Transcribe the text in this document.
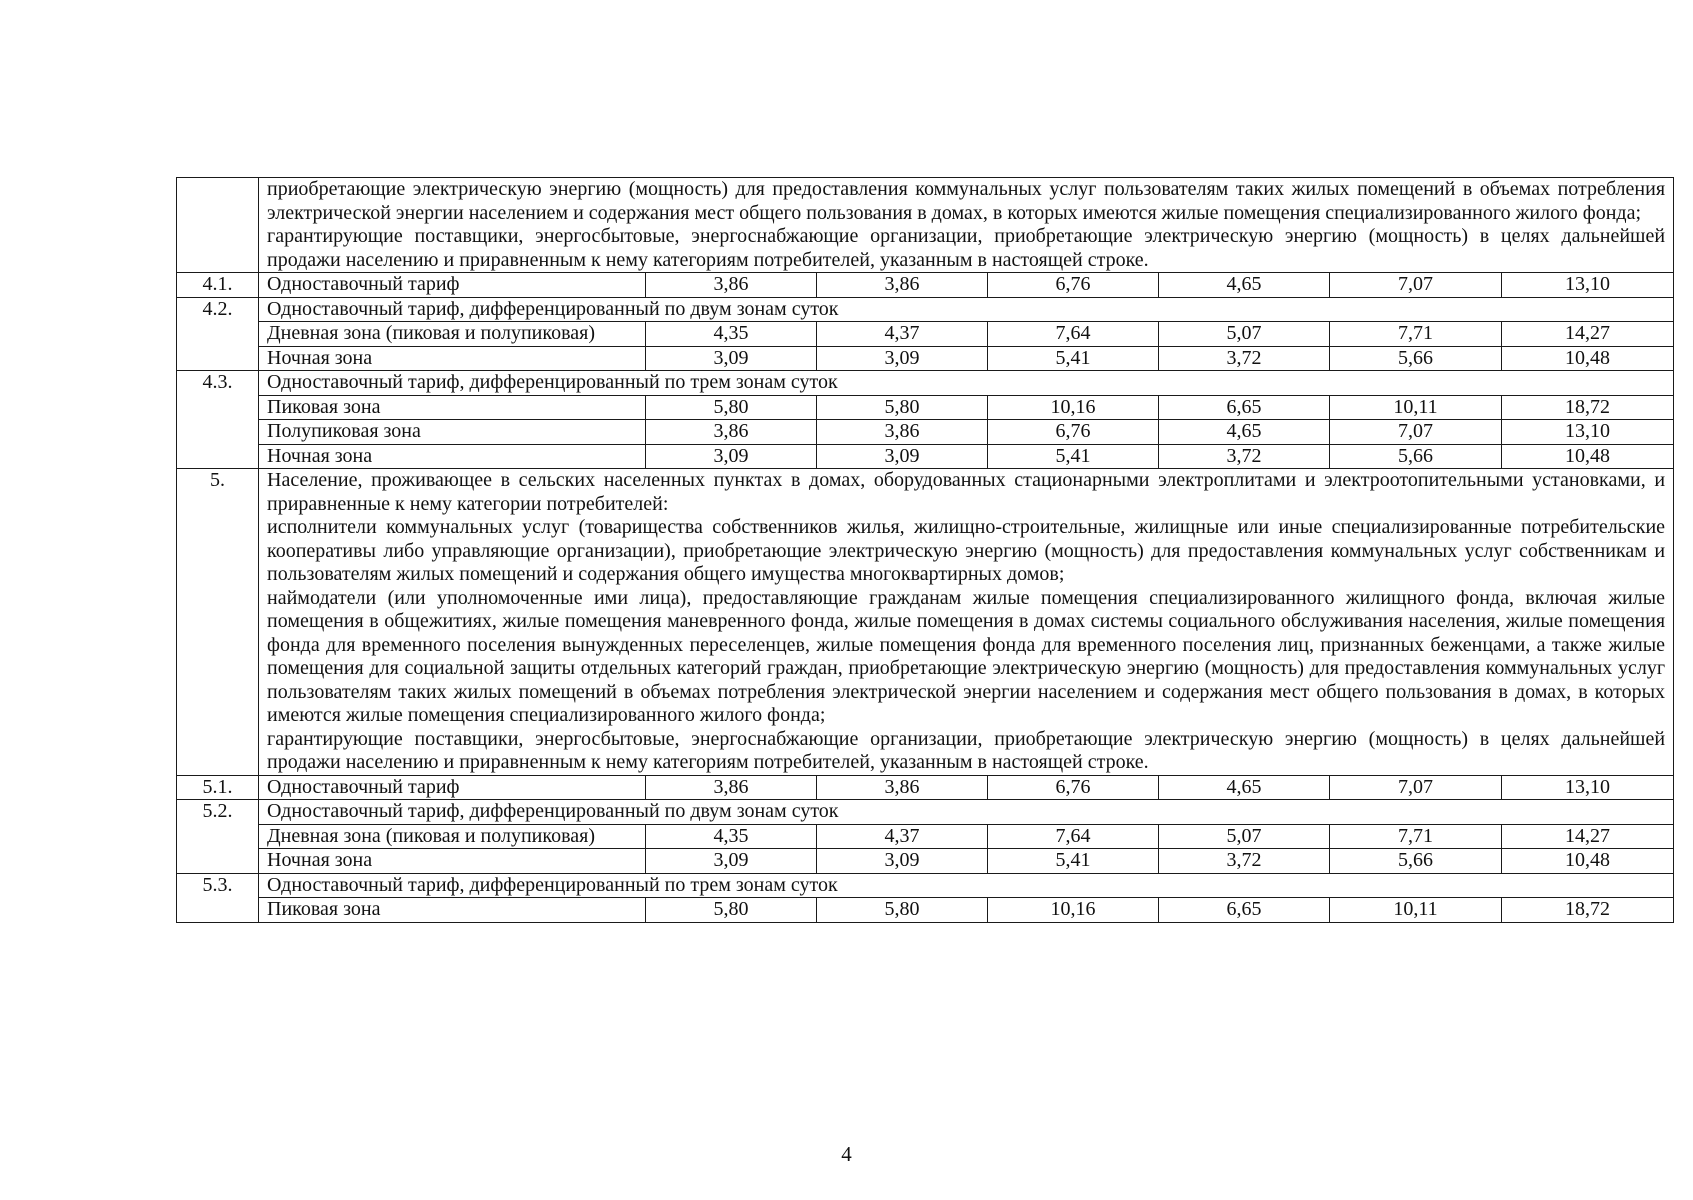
	приобретающие электрическую энергию (мощность) для предоставления коммунальных услуг пользователям таких жилых помещений в объемах потребления электрической энергии населением и содержания мест общего пользования в домах, в которых имеются жилые помещения специализированного жилого фонда;
гарантирующие поставщики, энергосбытовые, энергоснабжающие организации, приобретающие электрическую энергию (мощность) в целях дальнейшей продажи населению и приравненным к нему категориям потребителей, указанным в настоящей строке.						

4.1.	Одноставочный тариф	3,86	3,86	6,76	4,65	7,07	13,10
4.2.	Одноставочный тариф, дифференцированный по двум зонам суток						
	Дневная зона (пиковая и полупиковая)	4,35	4,37	7,64	5,07	7,71	14,27
	Ночная зона	3,09	3,09	5,41	3,72	5,66	10,48
4.3.	Одноставочный тариф, дифференцированный по трем зонам суток						
	Пиковая зона	5,80	5,80	10,16	6,65	10,11	18,72
	Полупиковая зона	3,86	3,86	6,76	4,65	7,07	13,10
	Ночная зона	3,09	3,09	5,41	3,72	5,66	10,48
5.	Население, проживающее в сельских населенных пунктах в домах, оборудованных стационарными электроплитами и электроотопительными установками, и приравненные к нему категории потребителей:
исполнители коммунальных услуг (товарищества собственников жилья, жилищно-строительные, жилищные или иные специализированные потребительские кооперативы либо управляющие организации), приобретающие электрическую энергию (мощность) для предоставления коммунальных услуг собственникам и пользователям жилых помещений и содержания общего имущества многоквартирных домов;
наймодатели (или уполномоченные ими лица), предоставляющие гражданам жилые помещения специализированного жилищного фонда, включая жилые помещения в общежитиях, жилые помещения маневренного фонда, жилые помещения в домах системы социального обслуживания населения, жилые помещения фонда для временного поселения вынужденных переселенцев, жилые помещения фонда для временного поселения лиц, признанных беженцами, а также жилые помещения для социальной защиты отдельных категорий граждан, приобретающие электрическую энергию (мощность) для предоставления коммунальных услуг пользователям таких жилых помещений в объемах потребления электрической энергии населением и содержания мест общего пользования в домах, в которых имеются жилые помещения специализированного жилого фонда;
гарантирующие поставщики, энергосбытовые, энергоснабжающие организации, приобретающие электрическую энергию (мощность) в целях дальнейшей продажи населению и приравненным к нему категориям потребителей, указанным в настоящей строке.						

5.1.	Одноставочный тариф	3,86	3,86	6,76	4,65	7,07	13,10
5.2.	Одноставочный тариф, дифференцированный по двум зонам суток						
	Дневная зона (пиковая и полупиковая)	4,35	4,37	7,64	5,07	7,71	14,27
	Ночная зона	3,09	3,09	5,41	3,72	5,66	10,48
5.3.	Одноставочный тариф, дифференцированный по трем зонам суток						
	Пиковая зона	5,80	5,80	10,16	6,65	10,11	18,72
4
